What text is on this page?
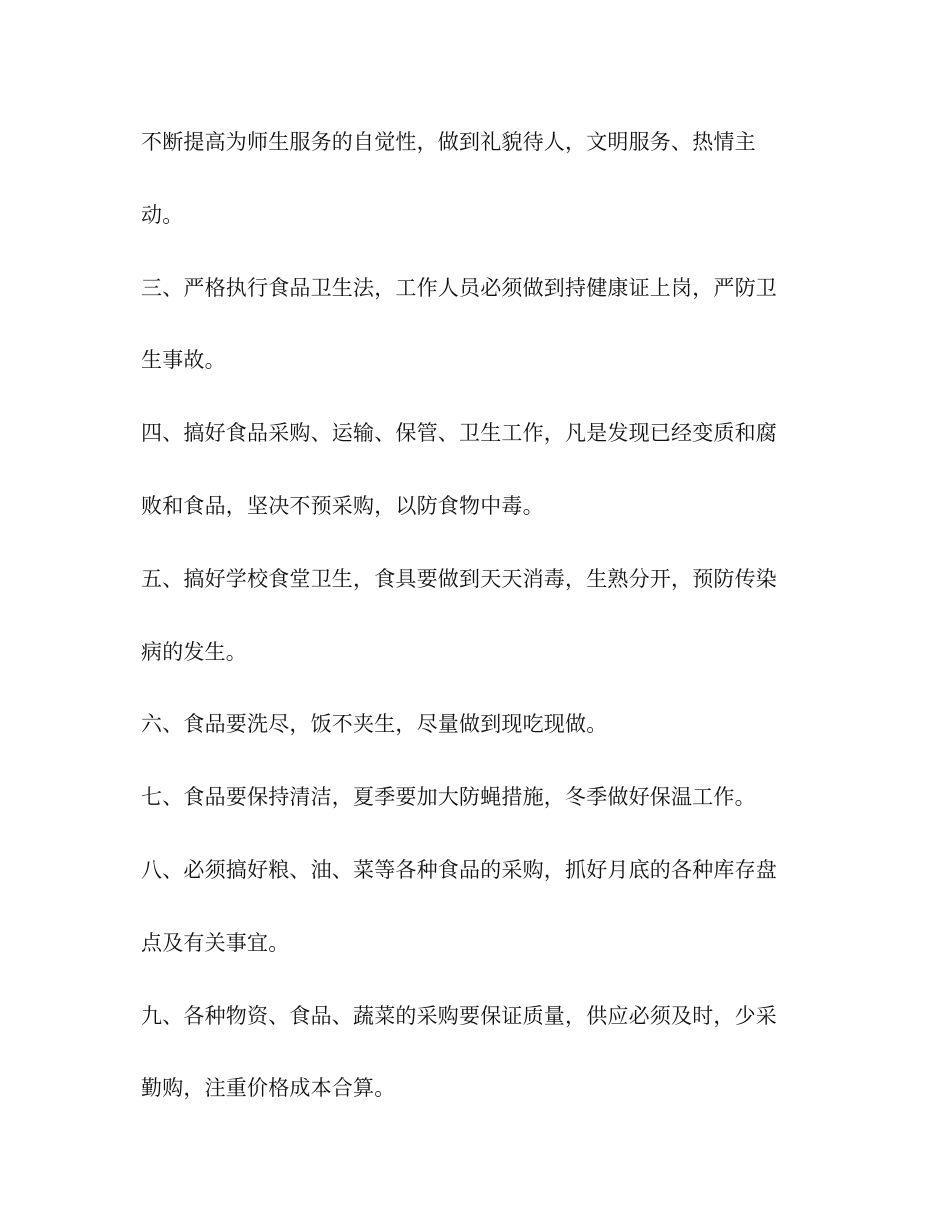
不断提高为师生服务的自觉性，做到礼貌待人，文明服务、热情主
动。
三、严格执行食品卫生法，工作人员必须做到持健康证上岗，严防卫
生事故。
四、搞好食品采购、运输、保管、卫生工作，凡是发现已经变质和腐
败和食品，坚决不预采购，以防食物中毒。
五、搞好学校食堂卫生，食具要做到天天消毒，生熟分开，预防传染
病的发生。
六、食品要洗尽，饭不夹生，尽量做到现吃现做。
七、食品要保持清洁，夏季要加大防蝇措施，冬季做好保温工作。
八、必须搞好粮、油、菜等各种食品的采购，抓好月底的各种库存盘
点及有关事宜。
九、各种物资、食品、蔬菜的采购要保证质量，供应必须及时，少采
勤购，注重价格成本合算。
